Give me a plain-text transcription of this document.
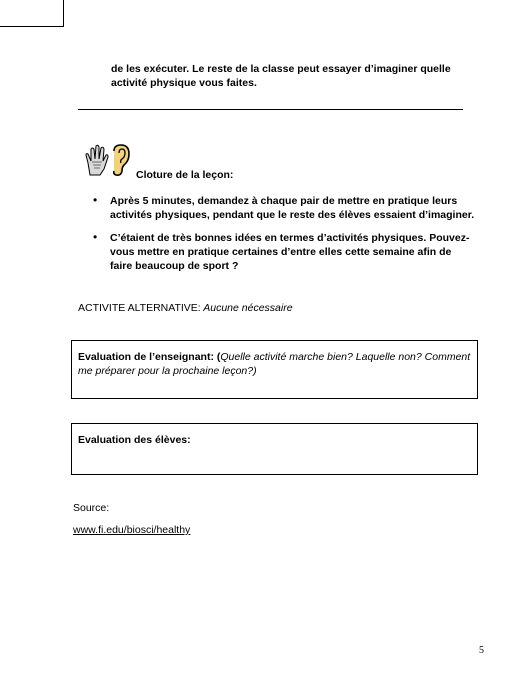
de les exécuter. Le reste de la classe peut essayer d’imaginer quelle activité physique vous faites.
Cloture de la leçon:
• Après 5 minutes, demandez à chaque pair de mettre en pratique leurs activités physiques, pendant que le reste des élèves essaient d’imaginer.
• C’étaient de très bonnes idées en termes d’activités physiques. Pouvez-vous mettre en pratique certaines d’entre elles cette semaine afin de faire beaucoup de sport ?
ACTIVITE ALTERNATIVE: Aucune nécessaire
Evaluation de l’enseignant: (Quelle activité marche bien? Laquelle non? Comment me préparer pour la prochaine leçon?)
Evaluation des élèves:
Source:
www.fi.edu/biosci/healthy
5
